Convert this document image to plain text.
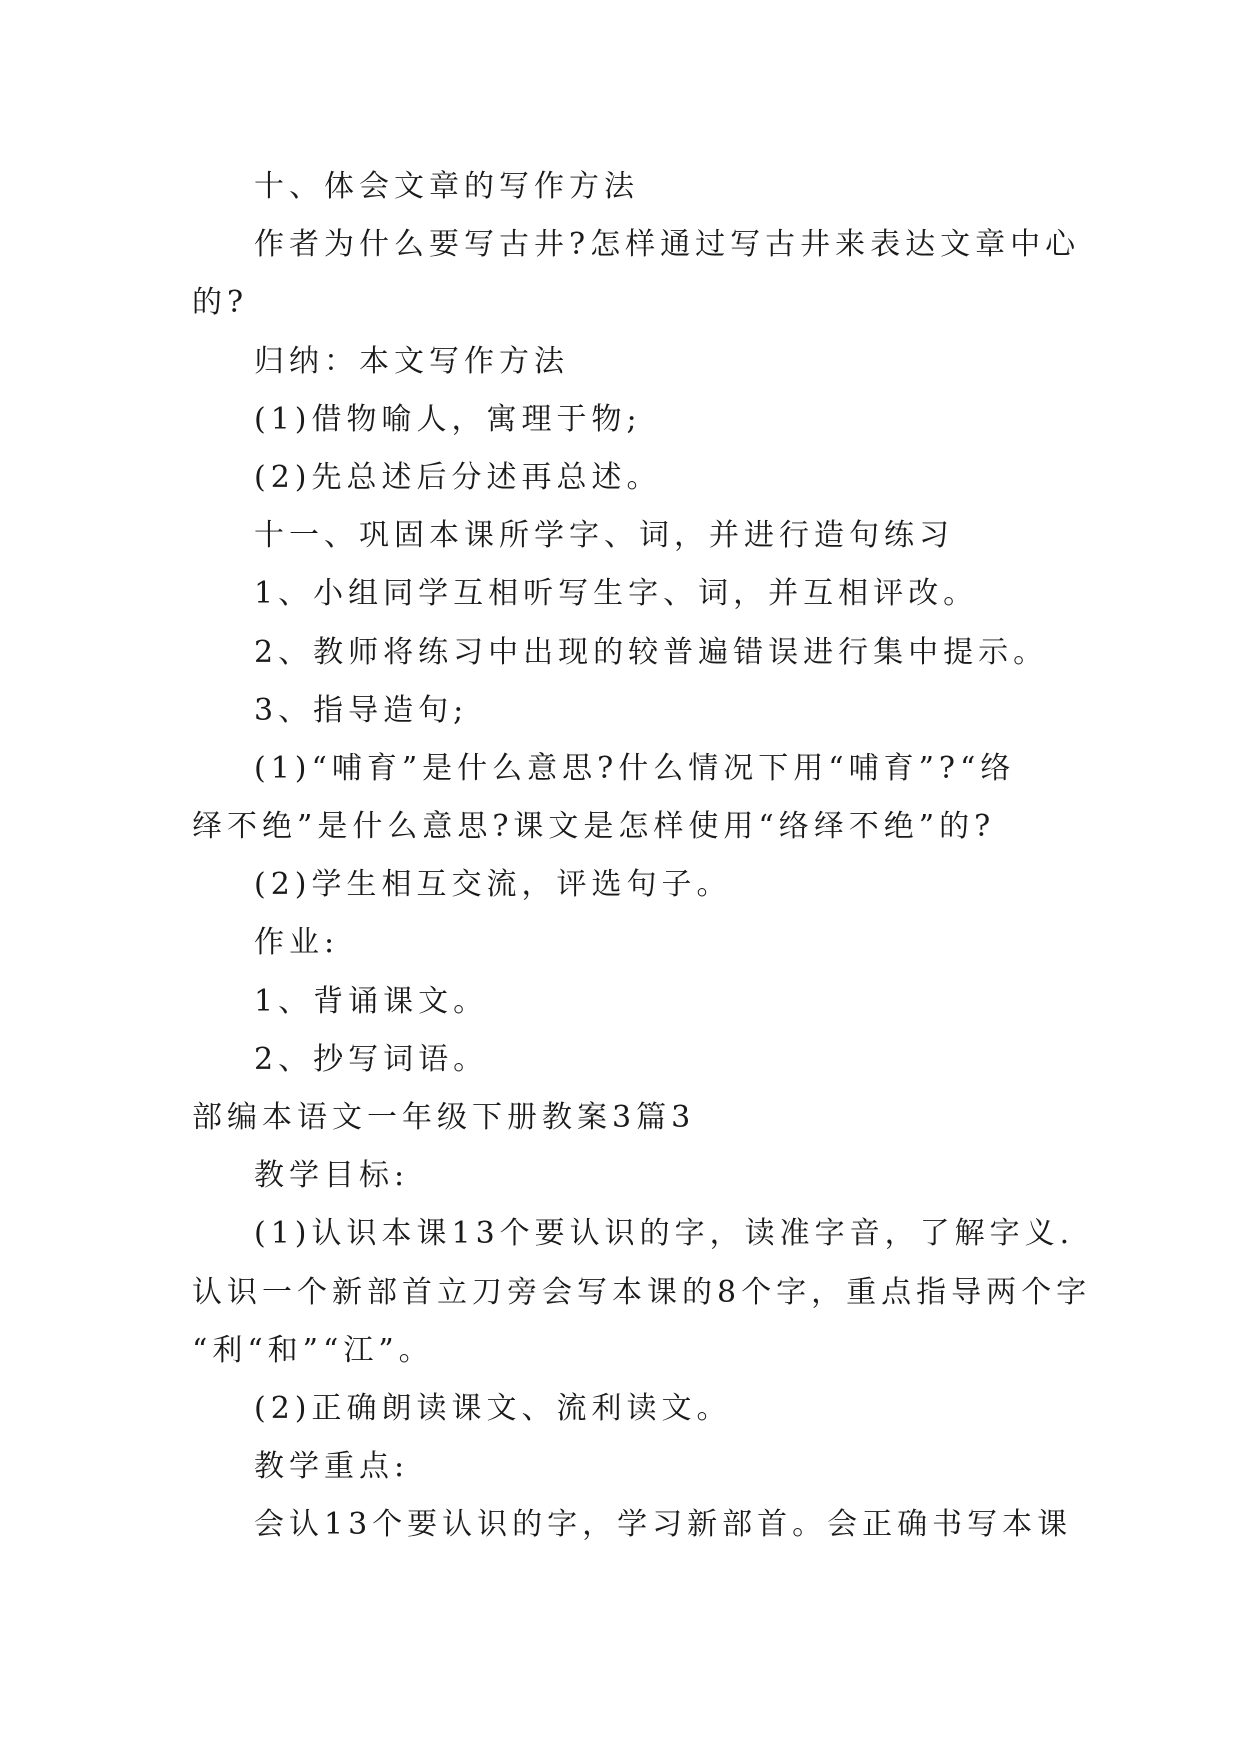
十、体会文章的写作方法
作者为什么要写古井?怎样通过写古井来表达文章中心
的?
归纳：本文写作方法
(1)借物喻人，寓理于物;
(2)先总述后分述再总述。
十一、巩固本课所学字、词，并进行造句练习
1、小组同学互相听写生字、词，并互相评改。
2、教师将练习中出现的较普遍错误进行集中提示。
3、指导造句;
(1)“哺育”是什么意思?什么情况下用“哺育”?“络
绎不绝”是什么意思?课文是怎样使用“络绎不绝”的?
(2)学生相互交流，评选句子。
作业:
1、背诵课文。
2、抄写词语。
部编本语文一年级下册教案3篇3
教学目标:
(1)认识本课13个要认识的字，读准字音，了解字义.
认识一个新部首立刀旁会写本课的8个字，重点指导两个字
“利“和”“江”。
(2)正确朗读课文、流利读文。
教学重点:
会认13个要认识的字，学习新部首。会正确书写本课
